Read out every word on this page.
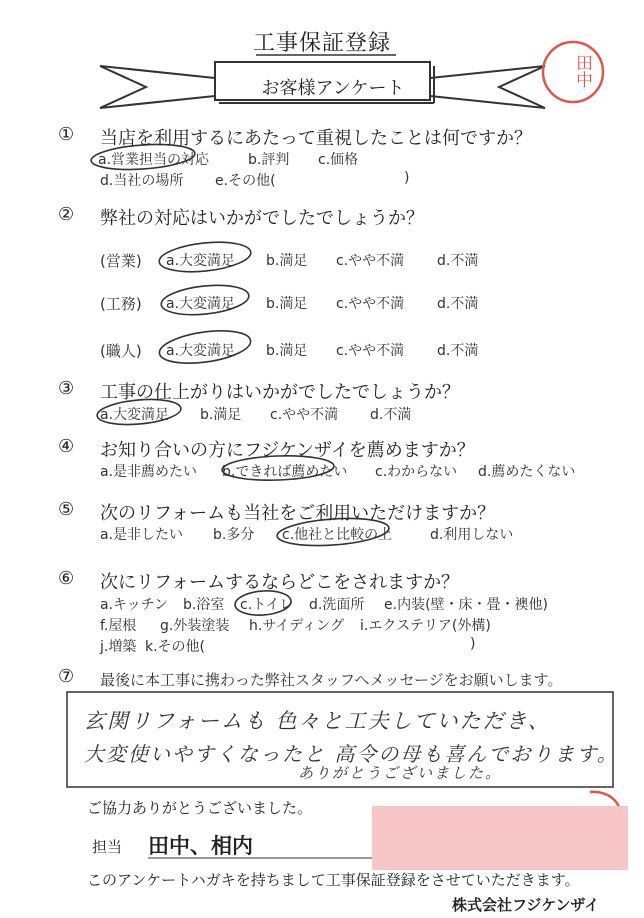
工事保証登録
お客様アンケート
田中
① 当店を利用するにあたって重視したことは何ですか？
a.営業担当の対応	b.評判 c.価格
d.当社の場所 e.その他(	)
② 弊社の対応はいかがでしたでしょうか？
(営業) a.大変満足 b.満足 c.やや不満 d.不満
(工務) a.大変満足 b.満足 c.やや不満 d.不満
(職人) a.大変満足 b.満足 c.やや不満 d.不満
③ 工事の仕上がりはいかがでしたでしょうか？
a.大変満足 b.満足 c.やや不満 d.不満
④ お知り合いの方にフジケンザイを薦めますか？
a.是非薦めたい b.できれば薦めたい c.わからない d.薦めたくない
⑤ 次のリフォームも当社をご利用いただけますか？
a.是非したい b.多分 c.他社と比較の上	d.利用しない
⑥ 次にリフォームするならどこをされますか？
a.キッチン b.浴室 c.トイレ d.洗面所 e.内装(壁・床・畳・襖他)
f.屋根 g.外装塗装 h.サイディング i.エクステリア(外構)
j.増築 k.その他(	)
⑦ 最後に本工事に携わった弊社スタッフへメッセージをお願いします。
玄関リフォームも 色々と工夫していただき、
大変使いやすくなったと 高令の母も喜んでおります。
ありがとうございました。
ご協力ありがとうございました。
担当 田中、相内
このアンケートハガキを持ちまして工事保証登録をさせていただきます。
株式会社フジケンザイ
